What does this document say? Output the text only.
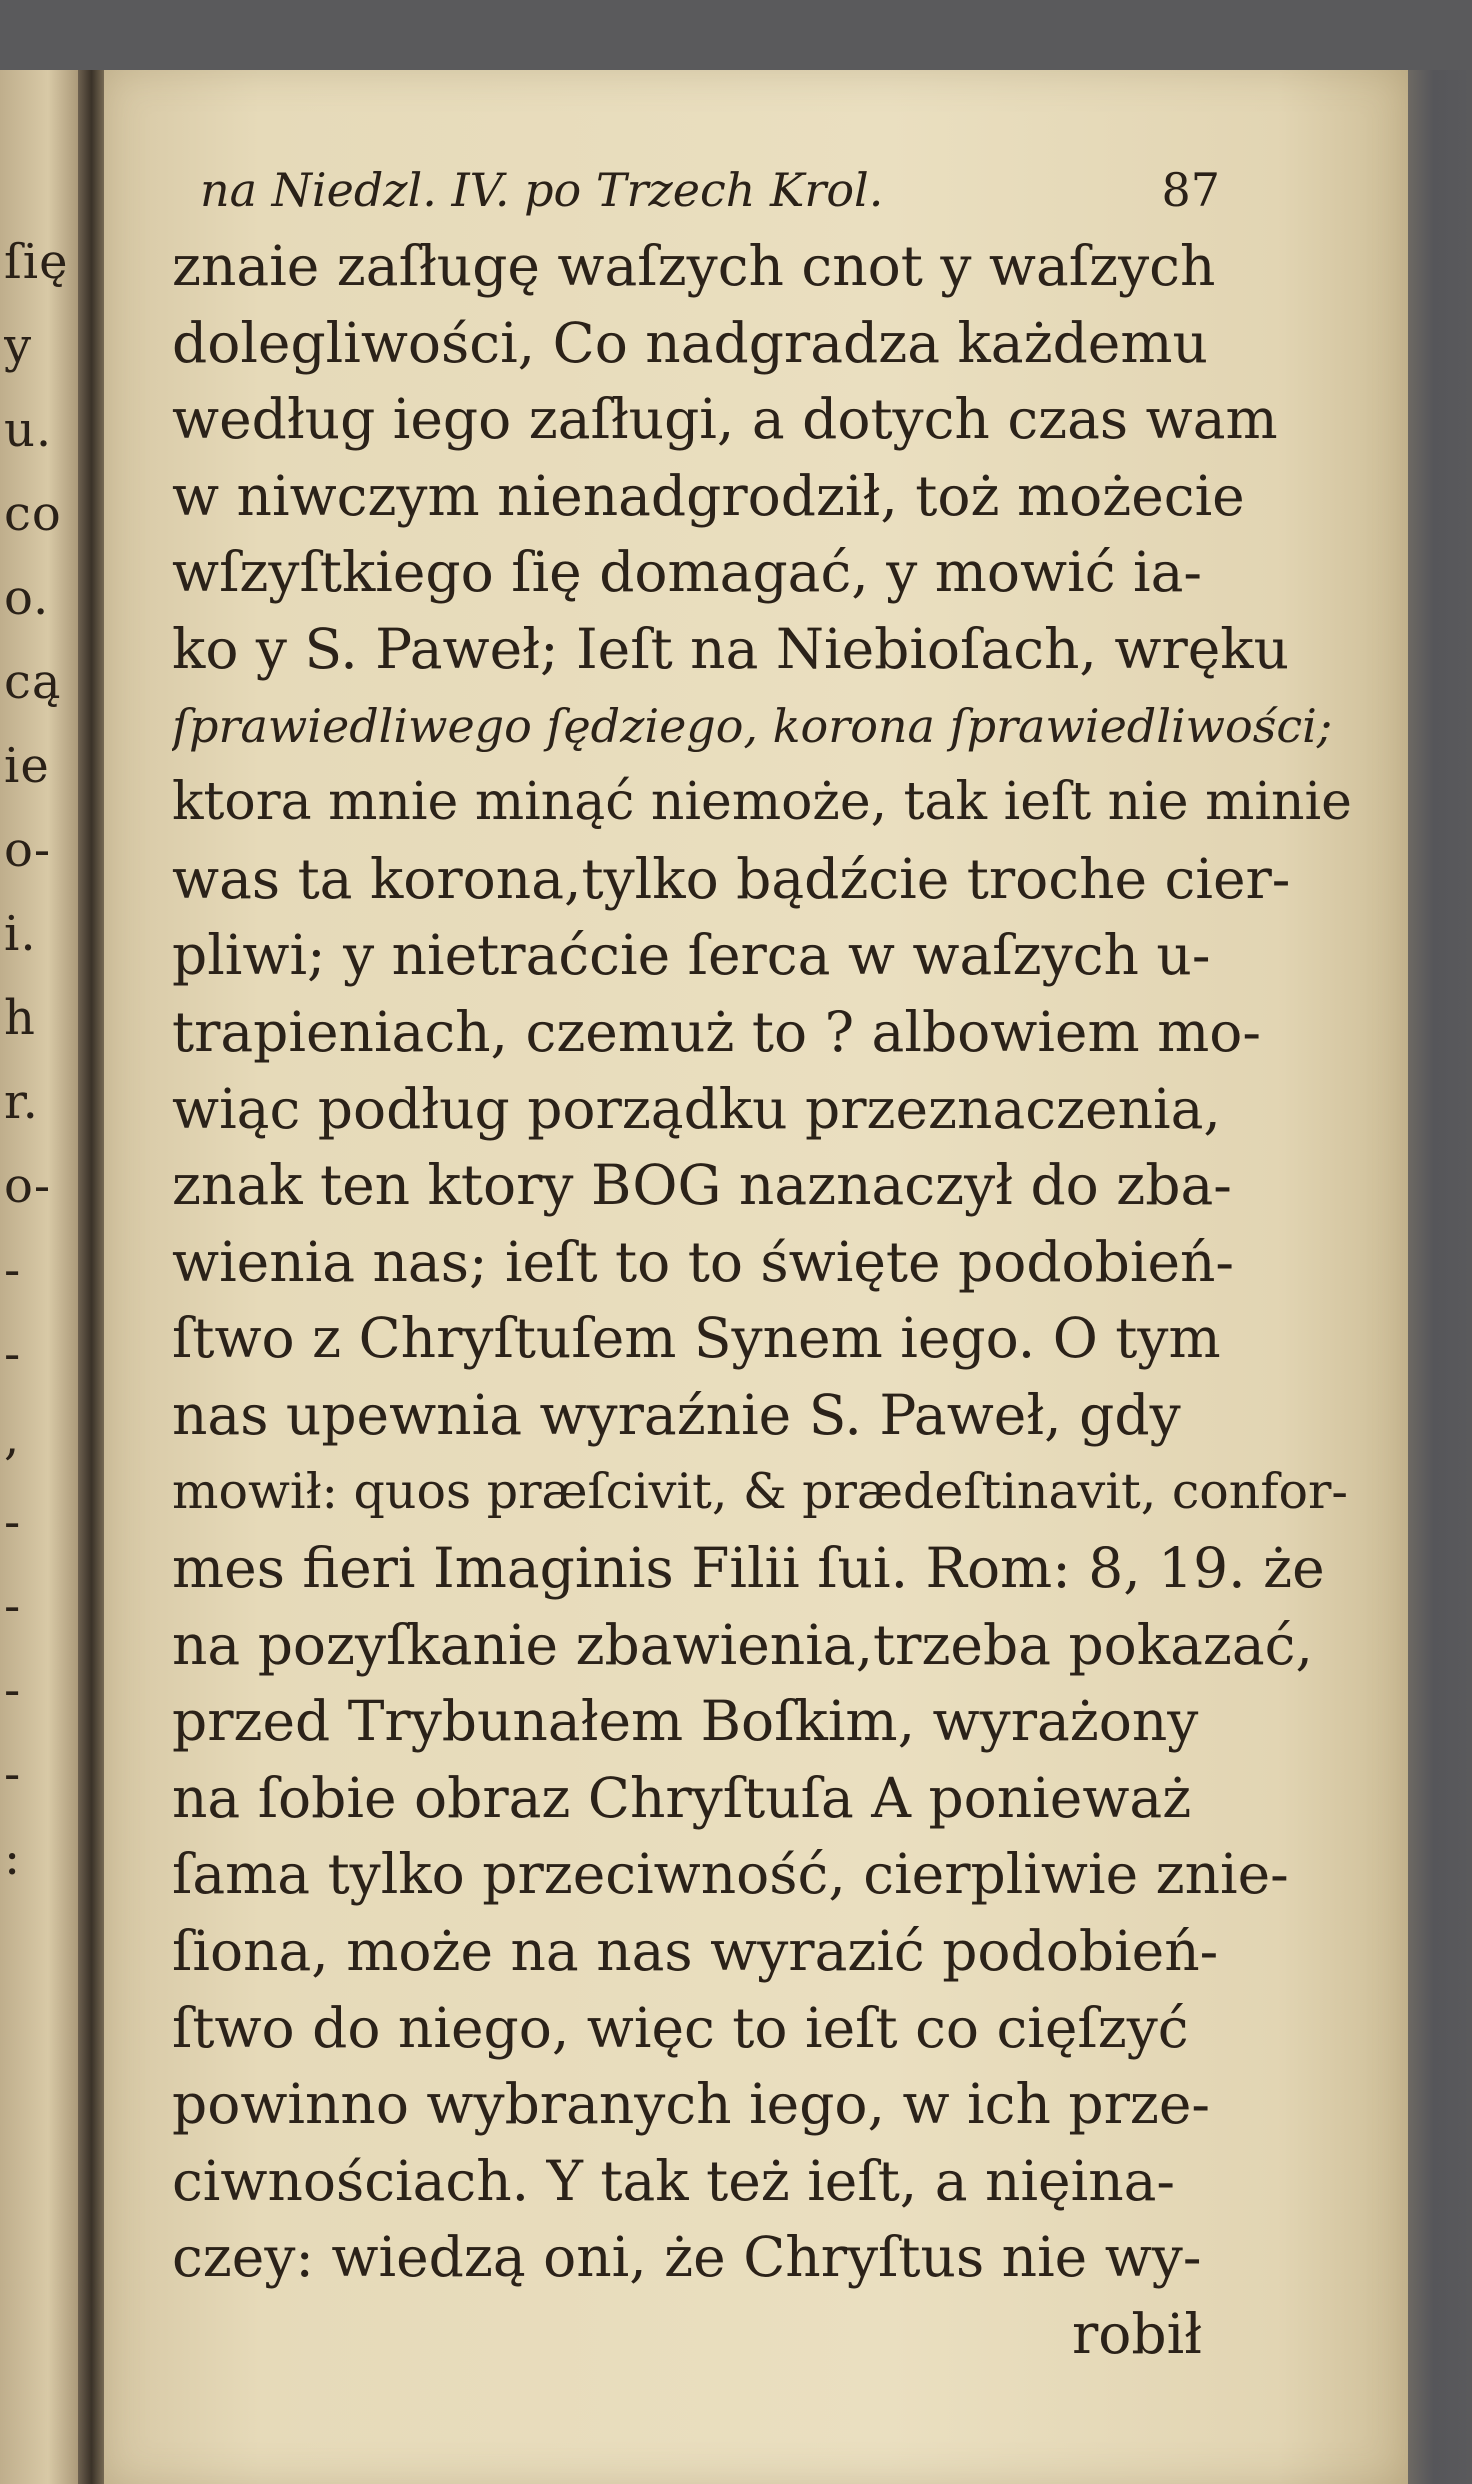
ſię
y
u.
co
o.
cą
ie
o-
i.
h
r.
o-
-
-
,
-
-
-
-
:
na Niedzl. IV. po Trzech Krol.	87
znaie zaſługę waſzych cnot y waſzych
dolegliwości, Co nadgradza każdemu
według iego zaſługi, a dotych czas wam
w niwczym nienadgrodził, toż możecie
wſzyſtkiego ſię domagać, y mowić ia-
ko y S. Paweł; Ieſt na Niebioſach, wręku
ſprawiedliwego ſędziego, korona ſprawiedliwości;
ktora mnie minąć niemoże, tak ieſt nie minie
was ta korona,tylko bądźcie troche cier-
pliwi; y nietraćcie ſerca w waſzych u-
trapieniach, czemuż to ? albowiem mo-
wiąc podług porządku przeznaczenia,
znak ten ktory BOG naznaczył do zba-
wienia nas; ieſt to to święte podobień-
ſtwo z Chryſtuſem Synem iego. O tym
nas upewnia wyraźnie S. Paweł, gdy
mowił: quos præſcivit, & prædeſtinavit, confor-
mes fieri Imaginis Filii ſui. Rom: 8, 19. że
na pozyſkanie zbawienia,trzeba pokazać,
przed Trybunałem Boſkim, wyrażony
na ſobie obraz Chryſtuſa A ponieważ
ſama tylko przeciwność, cierpliwie znie-
ſiona, może na nas wyrazić podobień-
ſtwo do niego, więc to ieſt co cięſzyć
powinno wybranych iego, w ich prze-
ciwnościach. Y tak też ieſt, a nięina-
czey: wiedzą oni, że Chryſtus nie wy-
robił
